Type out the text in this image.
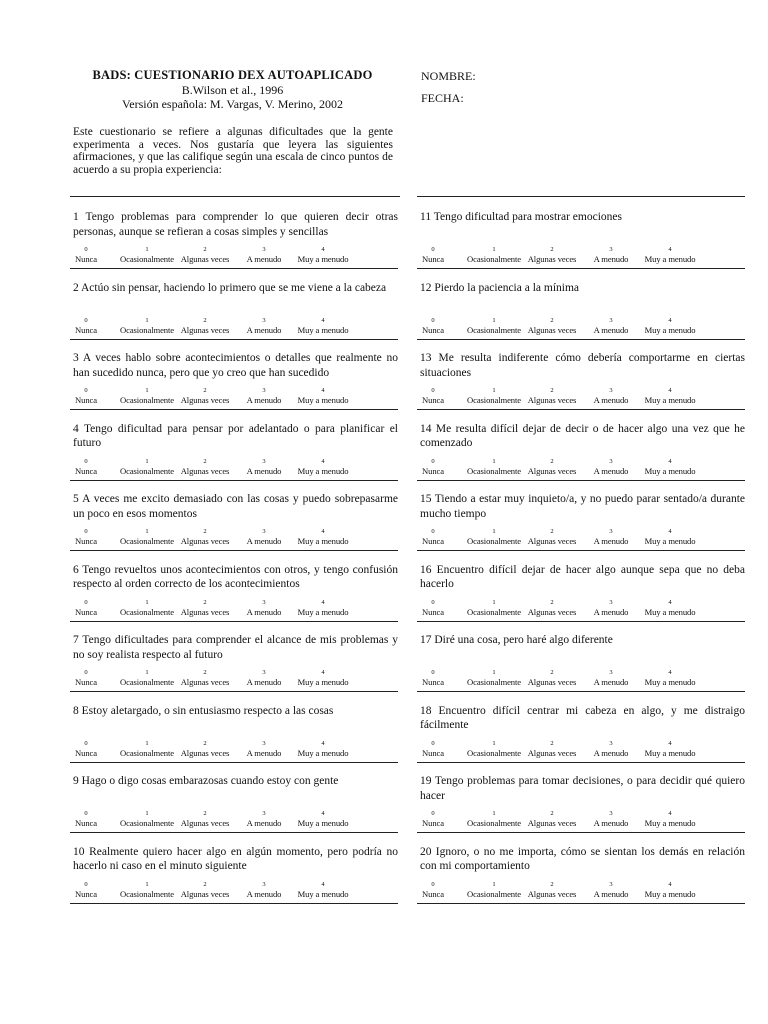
BADS: CUESTIONARIO DEX AUTOAPLICADO
B.Wilson et al., 1996
Versión española: M. Vargas, V. Merino, 2002
NOMBRE:
FECHA:
Este cuestionario se refiere a algunas dificultades que la gente experimenta a veces. Nos gustaría que leyera las siguientes afirmaciones, y que las califique según una escala de cinco puntos de acuerdo a su propia experiencia:
1 Tengo problemas para comprender lo que quieren decir otras personas, aunque se refieran a cosas simples y sencillas
0
Nunca
1
Ocasionalmente
2
Algunas veces
3
A menudo
4
Muy a menudo
2 Actúo sin pensar, haciendo lo primero que se me viene a la cabeza
0
Nunca
1
Ocasionalmente
2
Algunas veces
3
A menudo
4
Muy a menudo
3 A veces hablo sobre acontecimientos o detalles que realmente no han sucedido nunca, pero que yo creo que han sucedido
0
Nunca
1
Ocasionalmente
2
Algunas veces
3
A menudo
4
Muy a menudo
4 Tengo dificultad para pensar por adelantado o para planificar el futuro
0
Nunca
1
Ocasionalmente
2
Algunas veces
3
A menudo
4
Muy a menudo
5 A veces me excito demasiado con las cosas y puedo sobrepasarme un poco en esos momentos
0
Nunca
1
Ocasionalmente
2
Algunas veces
3
A menudo
4
Muy a menudo
6 Tengo revueltos unos acontecimientos con otros, y tengo confusión respecto al orden correcto de los acontecimientos
0
Nunca
1
Ocasionalmente
2
Algunas veces
3
A menudo
4
Muy a menudo
7 Tengo dificultades para comprender el alcance de mis problemas y no soy realista respecto al futuro
0
Nunca
1
Ocasionalmente
2
Algunas veces
3
A menudo
4
Muy a menudo
8 Estoy aletargado, o sin entusiasmo respecto a las cosas
0
Nunca
1
Ocasionalmente
2
Algunas veces
3
A menudo
4
Muy a menudo
9 Hago o digo cosas embarazosas cuando estoy con gente
0
Nunca
1
Ocasionalmente
2
Algunas veces
3
A menudo
4
Muy a menudo
10 Realmente quiero hacer algo en algún momento, pero podría no hacerlo ni caso en el minuto siguiente
0
Nunca
1
Ocasionalmente
2
Algunas veces
3
A menudo
4
Muy a menudo
11 Tengo dificultad para mostrar emociones
0
Nunca
1
Ocasionalmente
2
Algunas veces
3
A menudo
4
Muy a menudo
12 Pierdo la paciencia a la mínima
0
Nunca
1
Ocasionalmente
2
Algunas veces
3
A menudo
4
Muy a menudo
13 Me resulta indiferente cómo debería comportarme en ciertas situaciones
0
Nunca
1
Ocasionalmente
2
Algunas veces
3
A menudo
4
Muy a menudo
14 Me resulta difícil dejar de decir o de hacer algo una vez que he comenzado
0
Nunca
1
Ocasionalmente
2
Algunas veces
3
A menudo
4
Muy a menudo
15 Tiendo a estar muy inquieto/a, y no puedo parar sentado/a durante mucho tiempo
0
Nunca
1
Ocasionalmente
2
Algunas veces
3
A menudo
4
Muy a menudo
16 Encuentro difícil dejar de hacer algo aunque sepa que no deba hacerlo
0
Nunca
1
Ocasionalmente
2
Algunas veces
3
A menudo
4
Muy a menudo
17 Diré una cosa, pero haré algo diferente
0
Nunca
1
Ocasionalmente
2
Algunas veces
3
A menudo
4
Muy a menudo
18 Encuentro difícil centrar mi cabeza en algo, y me distraigo fácilmente
0
Nunca
1
Ocasionalmente
2
Algunas veces
3
A menudo
4
Muy a menudo
19 Tengo problemas para tomar decisiones, o para decidir qué quiero hacer
0
Nunca
1
Ocasionalmente
2
Algunas veces
3
A menudo
4
Muy a menudo
20 Ignoro, o no me importa, cómo se sientan los demás en relación con mi comportamiento
0
Nunca
1
Ocasionalmente
2
Algunas veces
3
A menudo
4
Muy a menudo
